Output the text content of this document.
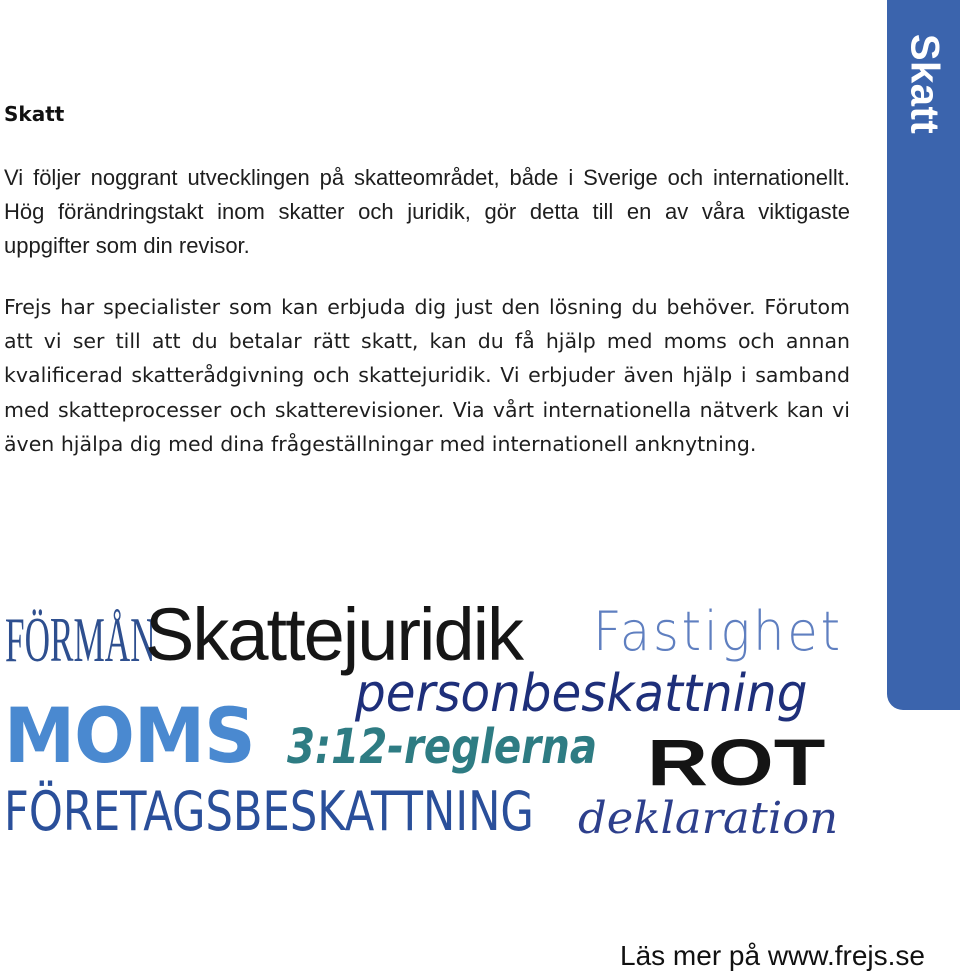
Skatt
Skatt

Vi följer noggrant utvecklingen på skatteområdet, både i Sverige och internationellt. Hög förändringstakt inom skatter och juridik, gör detta till en av våra viktigaste uppgifter som din revisor.

Frejs har specialister som kan erbjuda dig just den lösning du behöver. Förutom att vi ser till att du betalar rätt skatt, kan du få hjälp med moms och annan kvalificerad skatterådgivning och skattejuridik. Vi erbjuder även hjälp i samband med skatteprocesser och skatterevisioner. Via vårt internationella nätverk kan vi även hjälpa dig med dina frågeställningar med internationell anknytning.

FÖRMÅN
Skattejuridik Fastighet
personbeskattning
MOMS 3:12-reglerna ROT
FÖRETAGSBESKATTNING deklaration
Läs mer på www.frejs.se
